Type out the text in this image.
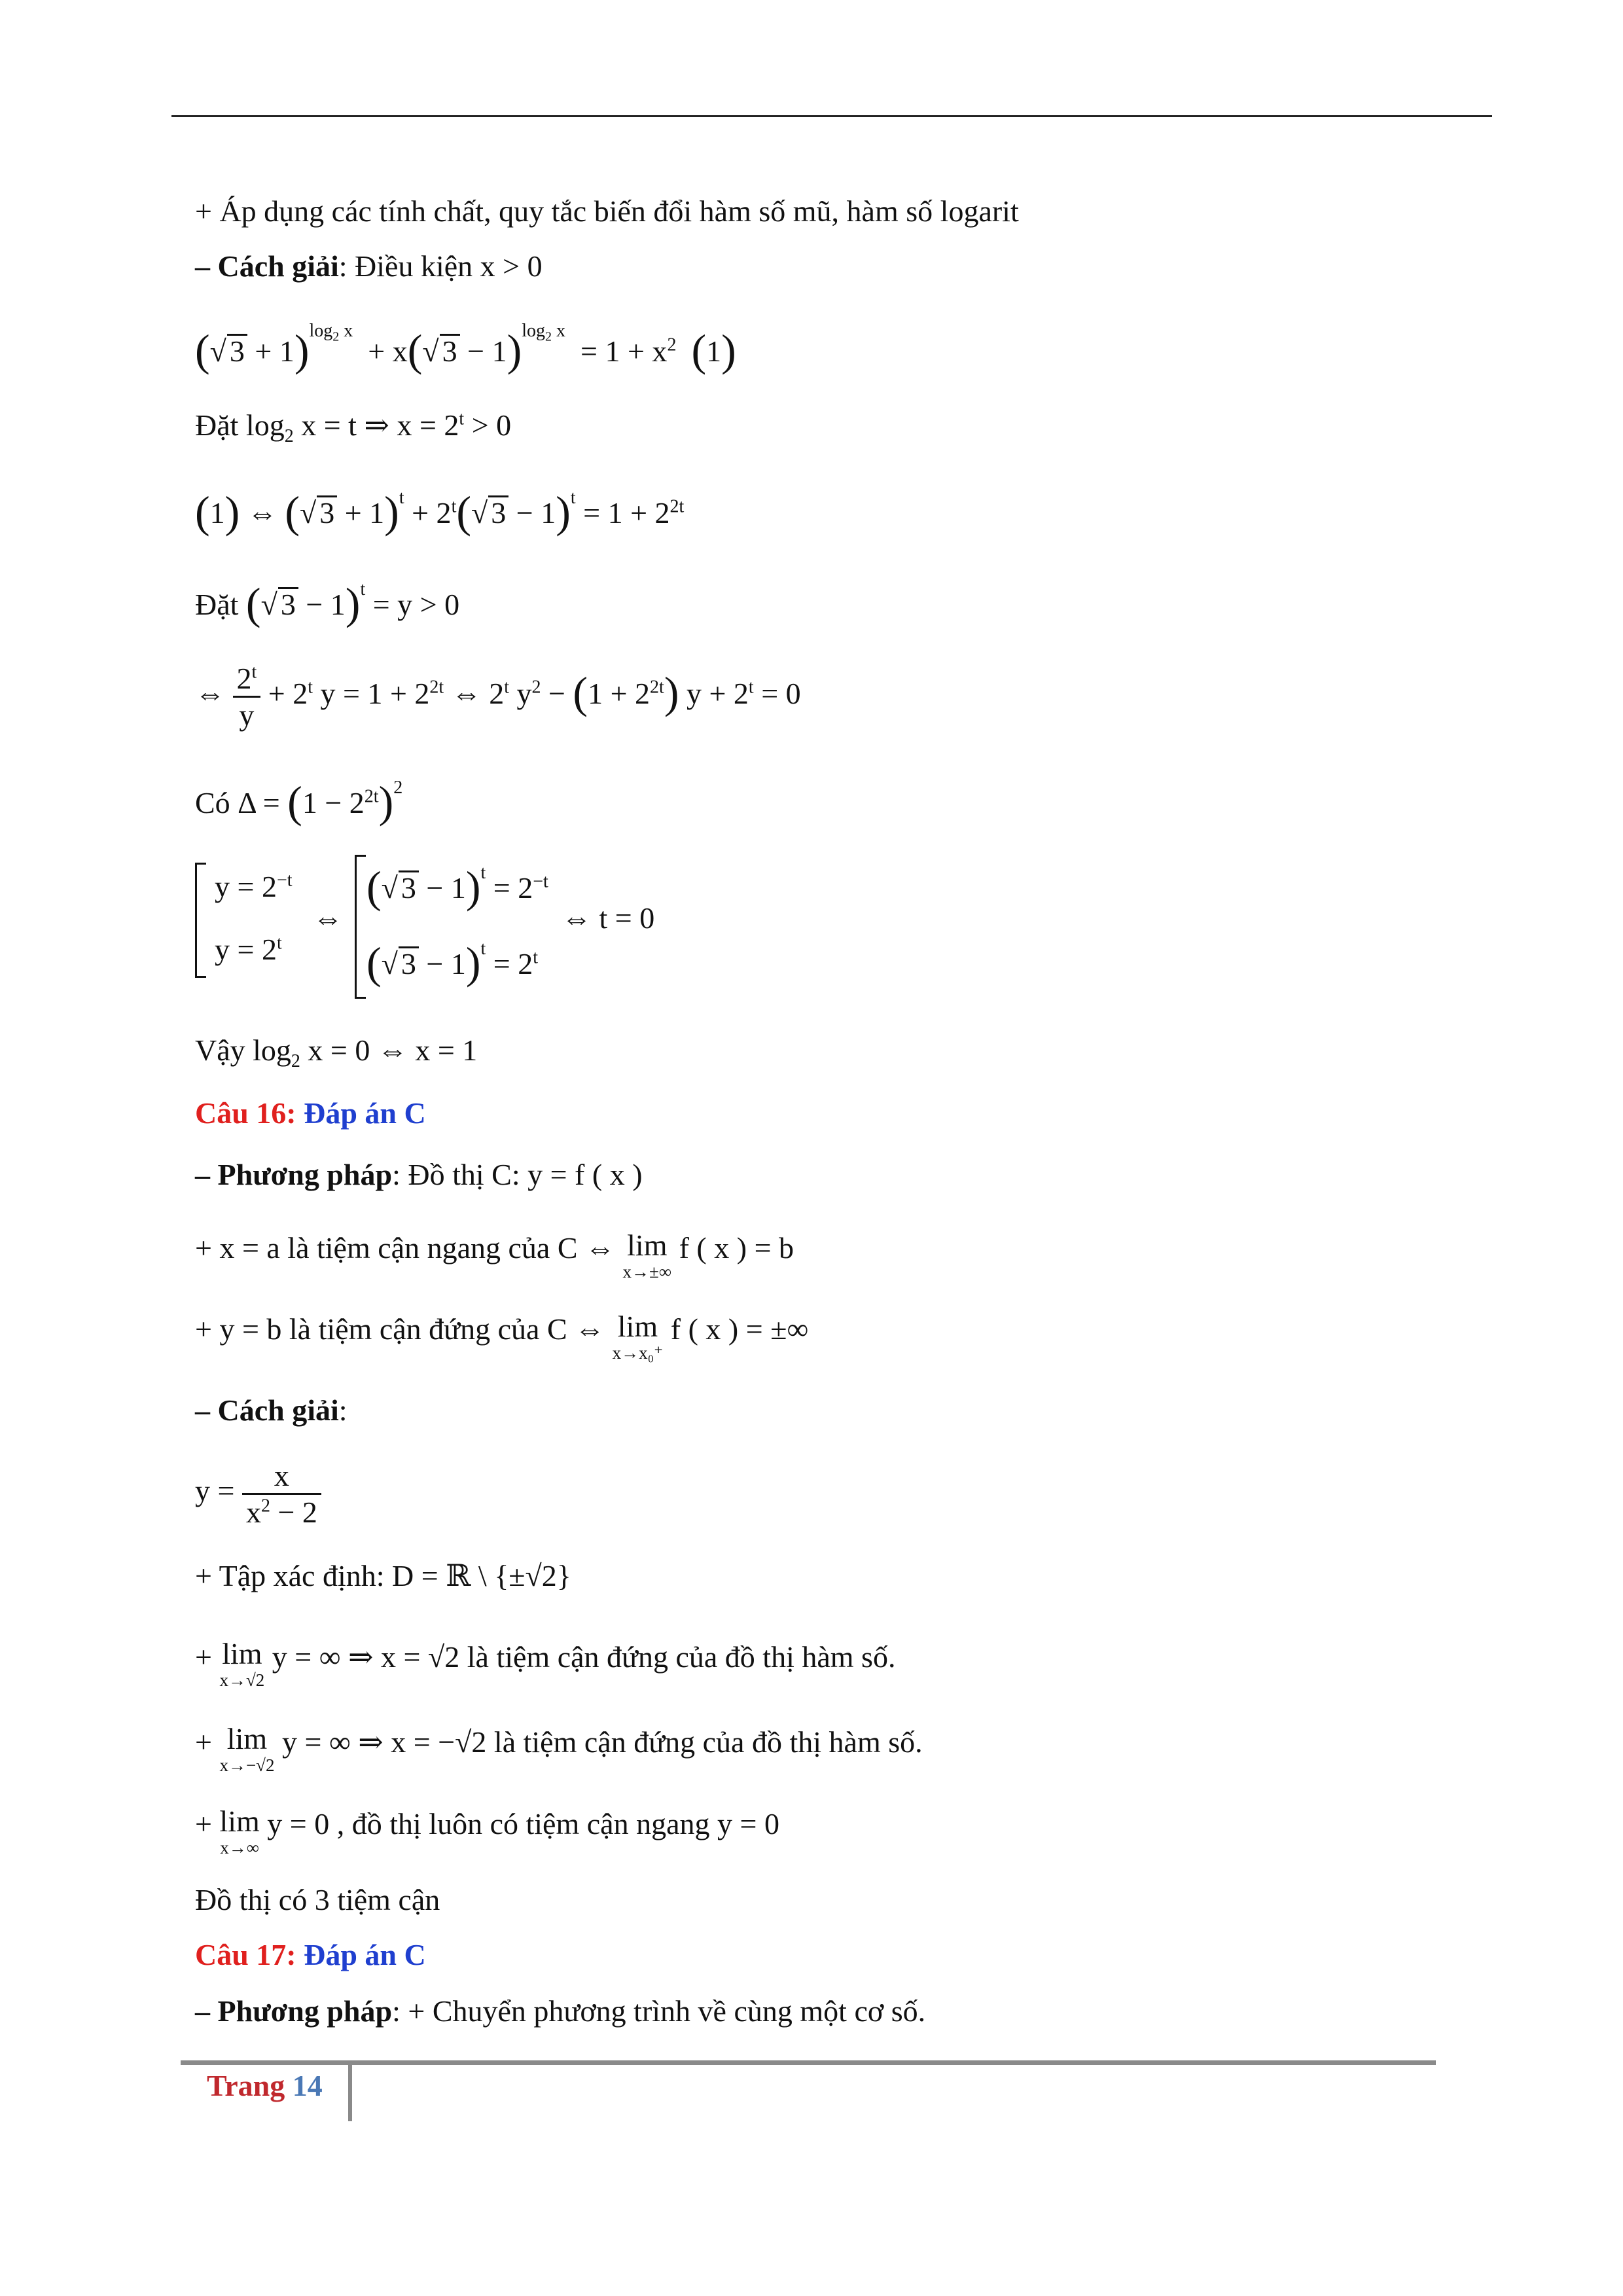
+ Áp dụng các tính chất, quy tắc biến đổi hàm số mũ, hàm số logarit
– Cách giải: Điều kiện x > 0
(√ 3 + 1)$^{log_2 x}$  + x(√ $3 - 1)^{log_2 x} = 1 + x^2$ (1)
Đặt $\log_2 x = t$ ⇒ $x = 2^t > 0$
(1) ⇔ (√ $3 + 1)^t + 2^t(√$ $3 - 1)^t = 1 + 2^{2t}$
Đặt (√ 3 − 1)$^t$ = y > 0
⇔ $\frac{2^t}{y} + 2^t$ $y = 1 + 2^{2t}$ ⇔ 2$^t$ $y^2 - (1 + 2^{2t}) y + 2^t = 0$
Có $\Delta = (1 - 2^{2t})^2$
$y = 2^{-t}$
$y = 2^t$
⇔
(√ $3 - 1)^t = 2^{-t}$
(√ $3 - 1)^t = 2^t$
⇔ t = 0
Vậy $\log_2 x = 0$ ⇔ x = 1
Câu 16: Đáp án C
– Phương pháp: Đồ thị C: y = f ( x )
+ x = a là tiệm cận ngang của C ⇔ lim
x→±∞
f ( x ) = b
+ y = b là tiệm cận đứng của C ⇔ lim
x→x₀⁺
f ( x ) = ±∞
– Cách giải:
$y = \frac{x}{x^2 - 2}$
+ Tập xác định: D = ℝ \ {±√2}
+ lim
x→√2
y = ∞ ⇒ x = √2 là tiệm cận đứng của đồ thị hàm số.
+ lim
x→−√2
y = ∞ ⇒ x = −√2 là tiệm cận đứng của đồ thị hàm số.
+ lim
x→∞
y = 0 , đồ thị luôn có tiệm cận ngang y = 0
Đồ thị có 3 tiệm cận
Câu 17: Đáp án C
– Phương pháp: + Chuyển phương trình về cùng một cơ số.
Trang 14
